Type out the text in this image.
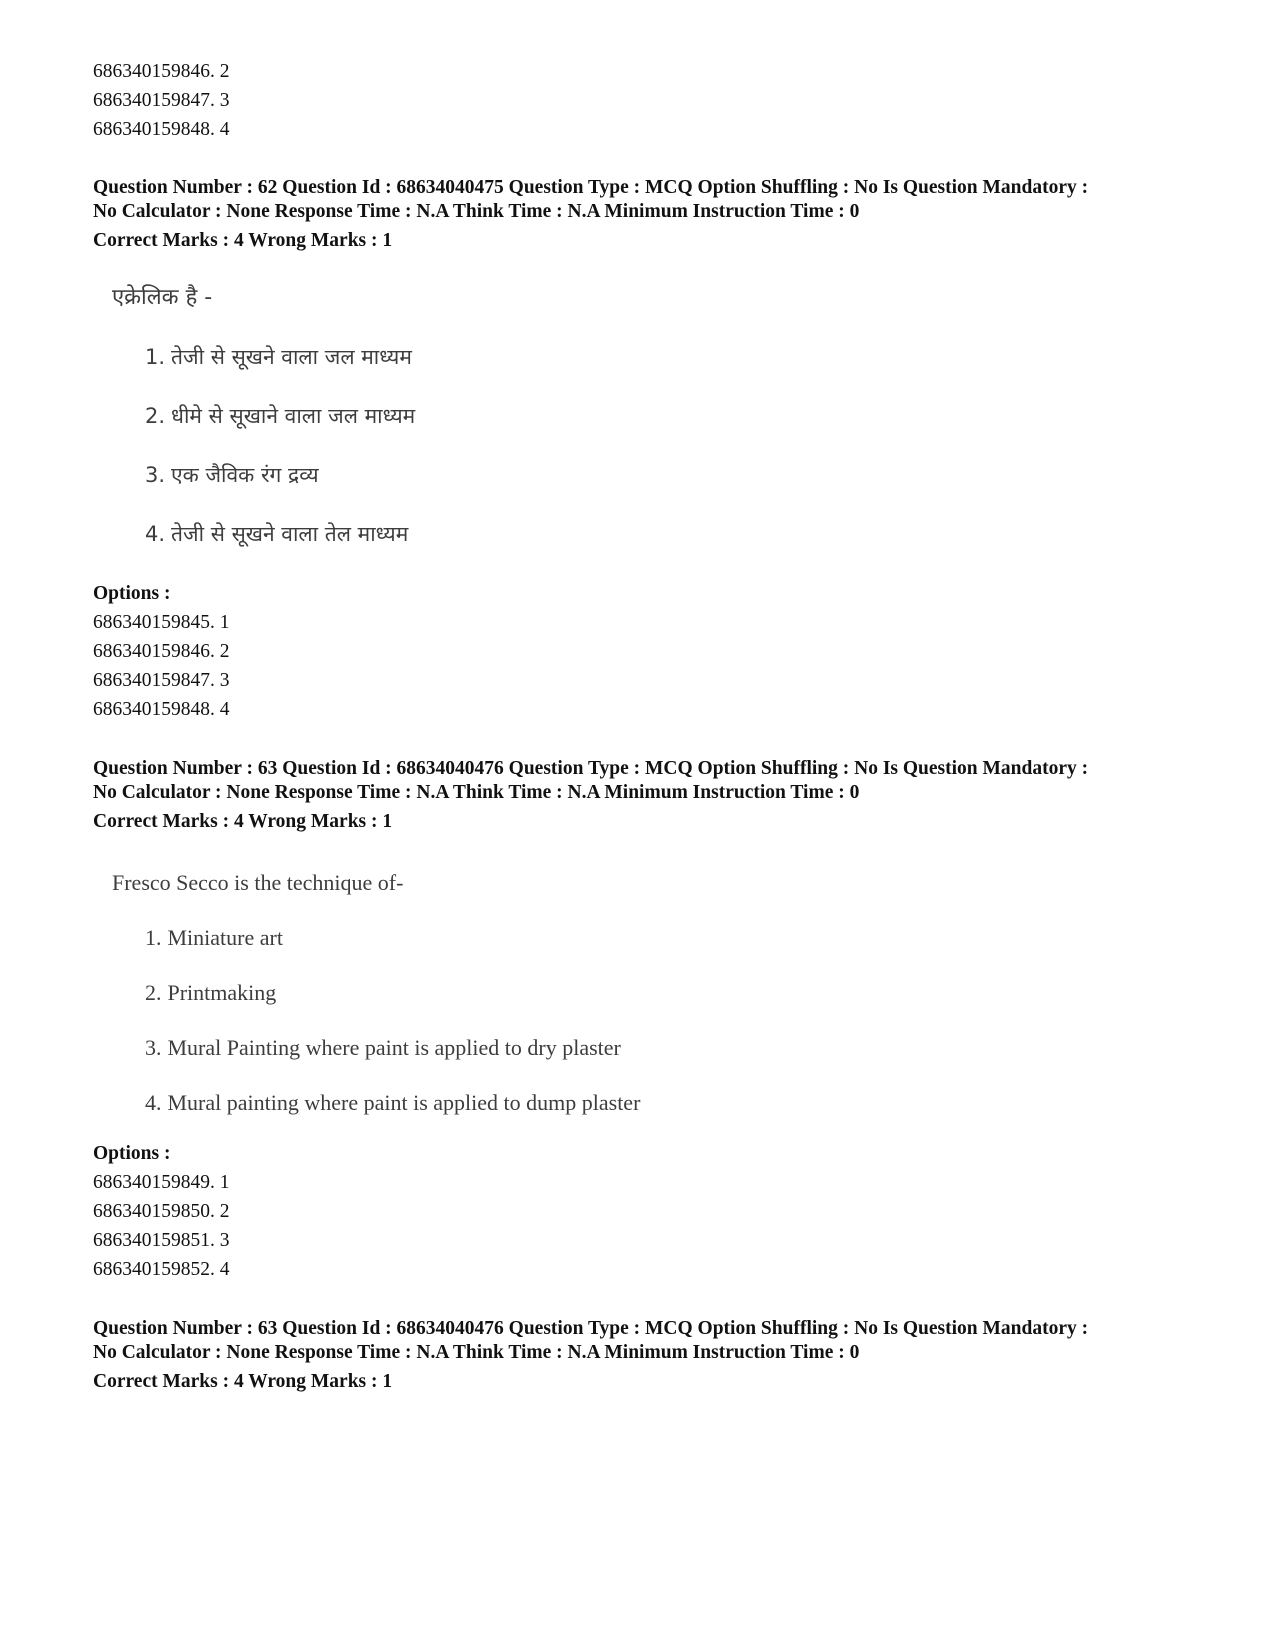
686340159846. 2
686340159847. 3
686340159848. 4
Question Number : 62 Question Id : 68634040475 Question Type : MCQ Option Shuffling : No Is Question Mandatory :
No Calculator : None Response Time : N.A Think Time : N.A Minimum Instruction Time : 0
Correct Marks : 4 Wrong Marks : 1
एक्रेलिक है -
1. तेजी से सूखने वाला जल माध्यम
2. धीमे से सूखाने वाला जल माध्यम
3. एक जैविक रंग द्रव्य
4. तेजी से सूखने वाला तेल माध्यम
Options :
686340159845. 1
686340159846. 2
686340159847. 3
686340159848. 4
Question Number : 63 Question Id : 68634040476 Question Type : MCQ Option Shuffling : No Is Question Mandatory :
No Calculator : None Response Time : N.A Think Time : N.A Minimum Instruction Time : 0
Correct Marks : 4 Wrong Marks : 1
Fresco Secco is the technique of-
1. Miniature art
2. Printmaking
3. Mural Painting where paint is applied to dry plaster
4. Mural painting where paint is applied to dump plaster
Options :
686340159849. 1
686340159850. 2
686340159851. 3
686340159852. 4
Question Number : 63 Question Id : 68634040476 Question Type : MCQ Option Shuffling : No Is Question Mandatory :
No Calculator : None Response Time : N.A Think Time : N.A Minimum Instruction Time : 0
Correct Marks : 4 Wrong Marks : 1
